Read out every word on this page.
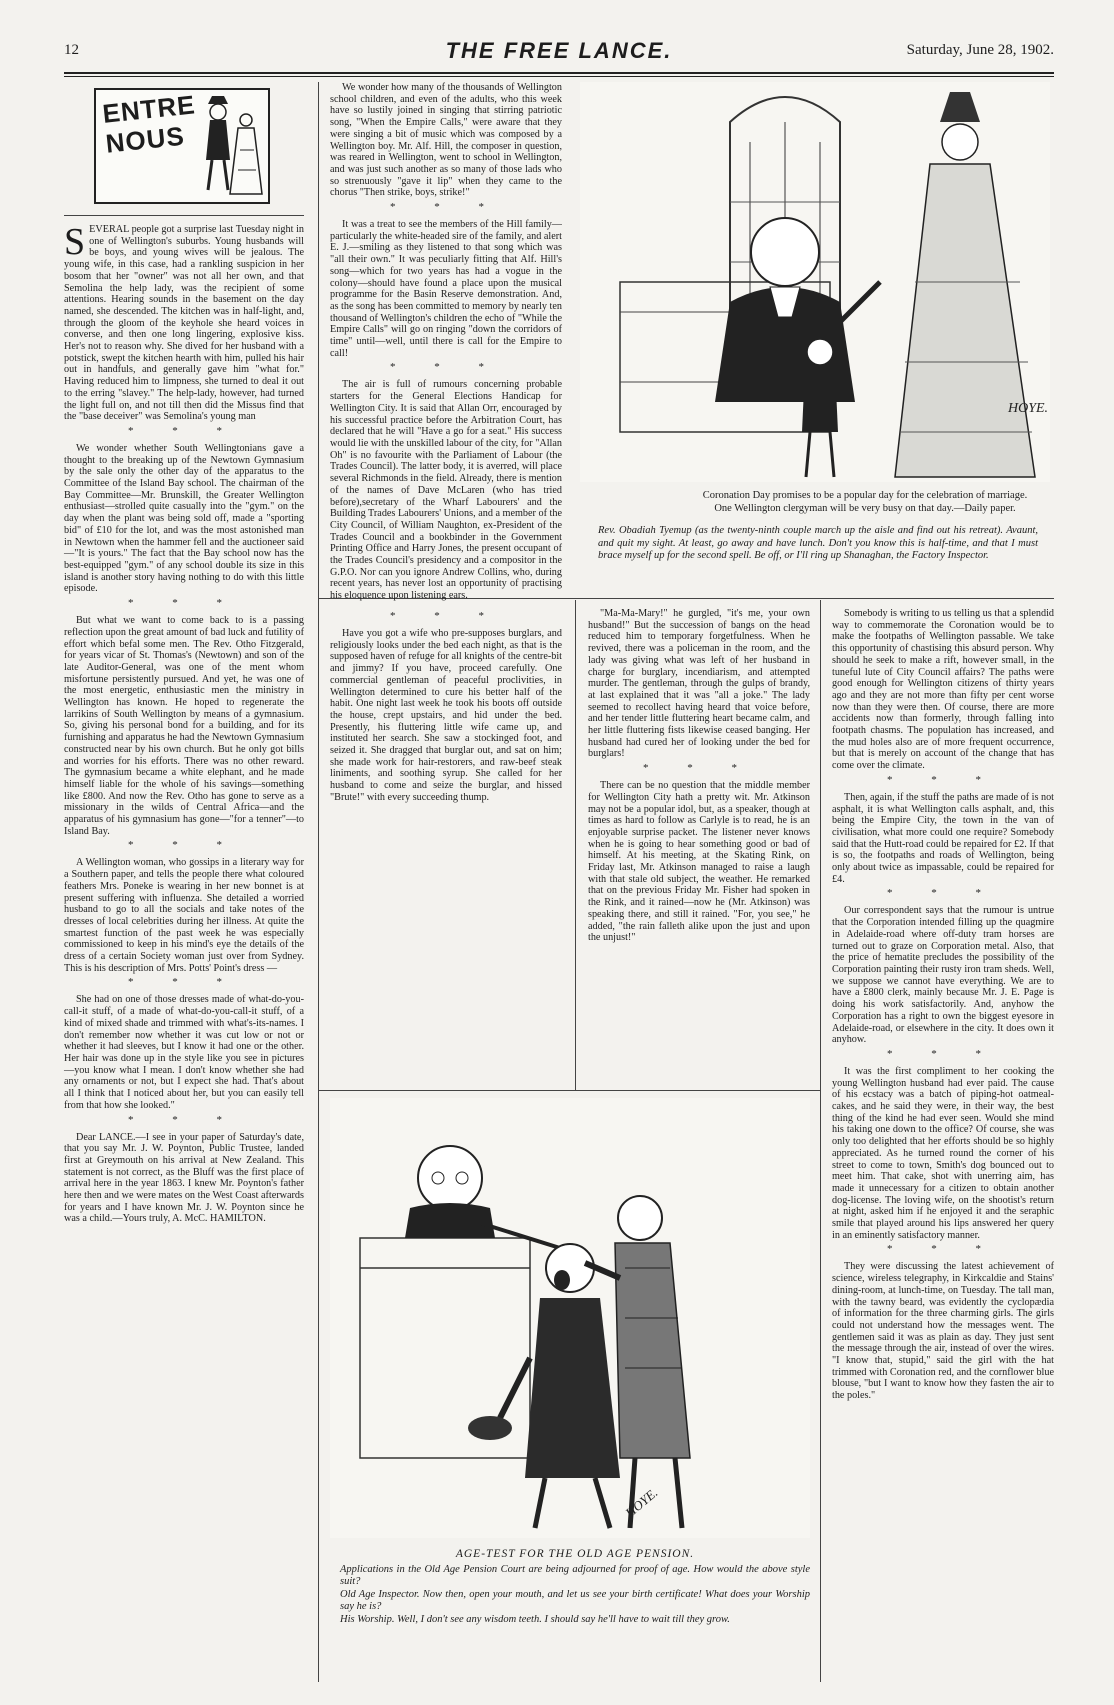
12	THE FREE LANCE.	Saturday, June 28, 1902.
ENTRE
NOUS

SEVERAL people got a surprise last Tuesday night in one of Wellington's suburbs. Young husbands will be boys, and young wives will be jealous. The young wife, in this case, had a rankling suspicion in her bosom that her "owner" was not all her own, and that Semolina the help lady, was the recipient of some attentions. Hearing sounds in the basement on the day named, she descended. The kitchen was in half-light, and, through the gloom of the keyhole she heard voices in converse, and then one long lingering, explosive kiss. Her's not to reason why. She dived for her husband with a potstick, swept the kitchen hearth with him, pulled his hair out in handfuls, and generally gave him "what for." Having reduced him to limpness, she turned to deal it out to the erring "slavey." The help-lady, however, had turned the light full on, and not till then did the Missus find that the "base deceiver" was Semolina's young man

* * *

We wonder whether South Wellingtonians gave a thought to the breaking up of the Newtown Gymnasium by the sale only the other day of the apparatus to the Committee of the Island Bay school. The chairman of the Bay Committee—Mr. Brunskill, the Greater Wellington enthusiast—strolled quite casually into the "gym." on the day when the plant was being sold off, made a "sporting bid" of £10 for the lot, and was the most astonished man in Newtown when the hammer fell and the auctioneer said—"It is yours." The fact that the Bay school now has the best-equipped "gym." of any school double its size in this island is another story having nothing to do with this little episode.

* * *

But what we want to come back to is a passing reflection upon the great amount of bad luck and futility of effort which befal some men. The Rev. Otho Fitzgerald, for years vicar of St. Thomas's (Newtown) and son of the late Auditor-General, was one of the ment whom misfortune persistently pursued. And yet, he was one of the most energetic, enthusiastic men the ministry in Wellington has known. He hoped to regenerate the larrikins of South Wellington by means of a gymnasium. So, giving his personal bond for a building, and for its furnishing and apparatus he had the Newtown Gymnasium constructed near by his own church. But he only got bills and worries for his efforts. There was no other reward. The gymnasium became a white elephant, and he made himself liable for the whole of his savings—something like £800. And now the Rev. Otho has gone to serve as a missionary in the wilds of Central Africa—and the apparatus of his gymnasium has gone—"for a tenner"—to Island Bay.

* * *

A Wellington woman, who gossips in a literary way for a Southern paper, and tells the people there what coloured feathers Mrs. Poneke is wearing in her new bonnet is at present suffering with influenza. She detailed a worried husband to go to all the socials and take notes of the dresses of local celebrities during her illness. At quite the smartest function of the past week he was especially commissioned to keep in his mind's eye the details of the dress of a certain Society woman just over from Sydney. This is his description of Mrs. Potts' Point's dress —

* * *

She had on one of those dresses made of what-do-you-call-it stuff, of a made of what-do-you-call-it stuff, of a kind of mixed shade and trimmed with what's-its-names. I don't remember now whether it was cut low or not or whether it had sleeves, but I know it had one or the other. Her hair was done up in the style like you see in pictures—you know what I mean. I don't know whether she had any ornaments or not, but I expect she had. That's about all I think that I noticed about her, but you can easily tell from that how she looked."

* * *

Dear LANCE.—I see in your paper of Saturday's date, that you say Mr. J. W. Poynton, Public Trustee, landed first at Greymouth on his arrival at New Zealand. This statement is not correct, as the Bluff was the first place of arrival here in the year 1863. I knew Mr. Poynton's father here then and we were mates on the West Coast afterwards for years and I have known Mr. J. W. Poynton since he was a child.—Yours truly, A. McC. HAMILTON.

We wonder how many of the thousands of Wellington school children, and even of the adults, who this week have so lustily joined in singing that stirring patriotic song, "When the Empire Calls," were aware that they were singing a bit of music which was composed by a Wellington boy. Mr. Alf. Hill, the composer in question, was reared in Wellington, went to school in Wellington, and was just such another as so many of those lads who so strenuously "gave it lip" when they came to the chorus "Then strike, boys, strike!"

* * *

It was a treat to see the members of the Hill family—particularly the white-headed sire of the family, and alert E. J.—smiling as they listened to that song which was "all their own." It was peculiarly fitting that Alf. Hill's song—which for two years has had a vogue in the colony—should have found a place upon the musical programme for the Basin Reserve demonstration. And, as the song has been committed to memory by nearly ten thousand of Wellington's children the echo of "While the Empire Calls" will go on ringing "down the corridors of time" until—well, until there is call for the Empire to call!

* * *

The air is full of rumours concerning probable starters for the General Elections Handicap for Wellington City. It is said that Allan Orr, encouraged by his successful practice before the Arbitration Court, has declared that he will "Have a go for a seat." His success would lie with the unskilled labour of the city, for "Allan Oh" is no favourite with the Parliament of Labour (the Trades Council). The latter body, it is averred, will place several Richmonds in the field. Already, there is mention of the names of Dave McLaren (who has tried before),secretary of the Wharf Labourers' and the Building Trades Labourers' Unions, and a member of the City Council, of William Naughton, ex-President of the Trades Council and a bookbinder in the Government Printing Office and Harry Jones, the present occupant of the Trades Council's presidency and a compositor in the G.P.O. Nor can you ignore Andrew Collins, who, during recent years, has never lost an opportunity of practising his eloquence upon listening ears.

* * *

Have you got a wife who pre-supposes burglars, and religiously looks under the bed each night, as that is the supposed haven of refuge for all knights of the centre-bit and jimmy? If you have, proceed carefully. One commercial gentleman of peaceful proclivities, in Wellington determined to cure his better half of the habit. One night last week he took his boots off outside the house, crept upstairs, and hid under the bed. Presently, his fluttering little wife came up, and instituted her search. She saw a stockinged foot, and seized it. She dragged that burglar out, and sat on him; she made work for hair-restorers, and raw-beef steak liniments, and soothing syrup. She called for her husband to come and seize the burglar, and hissed "Brute!" with every succeeding thump.

HOYE.
Coronation Day promises to be a popular day for the celebration of marriage. One Wellington clergyman will be very busy on that day.—Daily paper.
Rev. Obadiah Tyemup (as the twenty-ninth couple march up the aisle and find out his retreat). Avaunt, and quit my sight. At least, go away and have lunch. Don't you know this is half-time, and that I must brace myself up for the second spell. Be off, or I'll ring up Shanaghan, the Factory Inspector.

"Ma-Ma-Mary!" he gurgled, "it's me, your own husband!" But the succession of bangs on the head reduced him to temporary forgetfulness. When he revived, there was a policeman in the room, and the lady was giving what was left of her husband in charge for burglary, incendiarism, and attempted murder. The gentleman, through the gulps of brandy, at last explained that it was "all a joke." The lady seemed to recollect having heard that voice before, and her tender little fluttering heart became calm, and her little fluttering fists likewise ceased banging. Her husband had cured her of looking under the bed for burglars!

* * *

There can be no question that the middle member for Wellington City hath a pretty wit. Mr. Atkinson may not be a popular idol, but, as a speaker, though at times as hard to follow as Carlyle is to read, he is an enjoyable surprise packet. The listener never knows when he is going to hear something good or bad of himself. At his meeting, at the Skating Rink, on Friday last, Mr. Atkinson managed to raise a laugh with that stale old subject, the weather. He remarked that on the previous Friday Mr. Fisher had spoken in the Rink, and it rained—now he (Mr. Atkinson) was speaking there, and still it rained. "For, you see," he added, "the rain falleth alike upon the just and upon the unjust!"

Somebody is writing to us telling us that a splendid way to commemorate the Coronation would be to make the footpaths of Wellington passable. We take this opportunity of chastising this absurd person. Why should he seek to make a rift, however small, in the tuneful lute of City Council affairs? The paths were good enough for Wellington citizens of thirty years ago and they are not more than fifty per cent worse now than they were then. Of course, there are more accidents now than formerly, through falling into footpath chasms. The population has increased, and the mud holes also are of more frequent occurrence, but that is merely on account of the change that has come over the climate.

* * *

Then, again, if the stuff the paths are made of is not asphalt, it is what Wellington calls asphalt, and, this being the Empire City, the town in the van of civilisation, what more could one require? Somebody said that the Hutt-road could be repaired for £2. If that is so, the footpaths and roads of Wellington, being only about twice as impassable, could be repaired for £4.

* * *

Our correspondent says that the rumour is untrue that the Corporation intended filling up the quagmire in Adelaide-road where off-duty tram horses are turned out to graze on Corporation metal. Also, that the price of hematite precludes the possibility of the Corporation painting their rusty iron tram sheds. Well, we suppose we cannot have everything. We are to have a £800 clerk, mainly because Mr. J. E. Page is doing his work satisfactorily. And, anyhow the Corporation has a right to own the biggest eyesore in Adelaide-road, or elsewhere in the city. It does own it anyhow.

* * *

It was the first compliment to her cooking the young Wellington husband had ever paid. The cause of his ecstacy was a batch of piping-hot oatmeal-cakes, and he said they were, in their way, the best thing of the kind he had ever seen. Would she mind his taking one down to the office? Of course, she was only too delighted that her efforts should be so highly appreciated. As he turned round the corner of his street to come to town, Smith's dog bounced out to meet him. That cake, shot with unerring aim, has made it unnecessary for a citizen to obtain another dog-license. The loving wife, on the shootist's return at night, asked him if he enjoyed it and the seraphic smile that played around his lips answered her query in an eminently satisfactory manner.

* * *

They were discussing the latest achievement of science, wireless telegraphy, in Kirkcaldie and Stains' dining-room, at lunch-time, on Tuesday. The tall man, with the tawny beard, was evidently the cyclopædia of information for the three charming girls. The girls could not understand how the messages went. The gentlemen said it was as plain as day. They just sent the message through the air, instead of over the wires. "I know that, stupid," said the girl with the hat trimmed with Coronation red, and the cornflower blue blouse, "but I want to know how they fasten the air to the poles."

HOYE.
AGE-TEST FOR THE OLD AGE PENSION.
Applications in the Old Age Pension Court are being adjourned for proof of age. How would the above style suit?
Old Age Inspector. Now then, open your mouth, and let us see your birth certificate! What does your Worship say he is?
His Worship. Well, I don't see any wisdom teeth. I should say he'll have to wait till they grow.
